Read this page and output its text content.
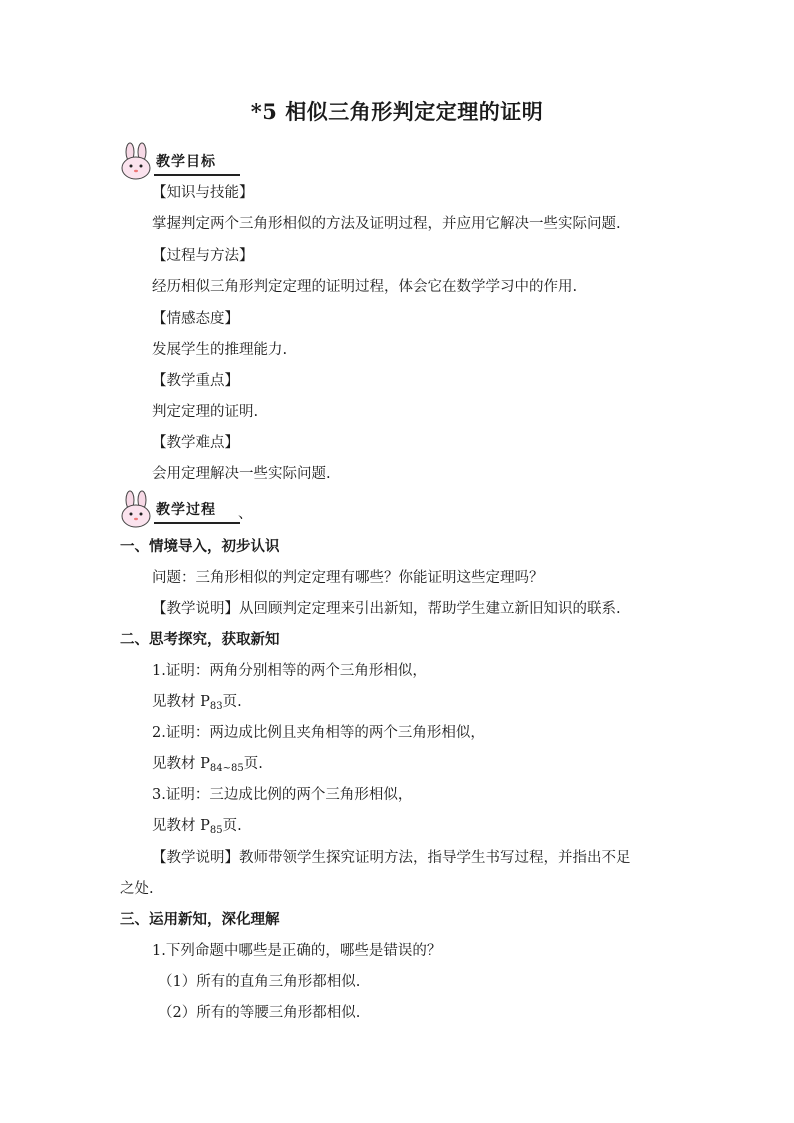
*5 相似三角形判定定理的证明
教学目标
【知识与技能】
掌握判定两个三角形相似的方法及证明过程，并应用它解决一些实际问题.
【过程与方法】
经历相似三角形判定定理的证明过程，体会它在数学学习中的作用.
【情感态度】
发展学生的推理能力.
【教学重点】
判定定理的证明.
【教学难点】
会用定理解决一些实际问题.
教学过程 、
一、情境导入，初步认识
问题：三角形相似的判定定理有哪些？你能证明这些定理吗？
【教学说明】从回顾判定定理来引出新知，帮助学生建立新旧知识的联系.
二、思考探究，获取新知
1.证明：两角分别相等的两个三角形相似，
见教材 $P_{83}$页.
2.证明：两边成比例且夹角相等的两个三角形相似，
见教材 $P_{84\sim 85}$页.
3.证明：三边成比例的两个三角形相似，
见教材 $P_{85}$页.
【教学说明】教师带领学生探究证明方法，指导学生书写过程，并指出不足
之处.
三、运用新知，深化理解
1.下列命题中哪些是正确的，哪些是错误的？
（1）所有的直角三角形都相似.
（2）所有的等腰三角形都相似.
